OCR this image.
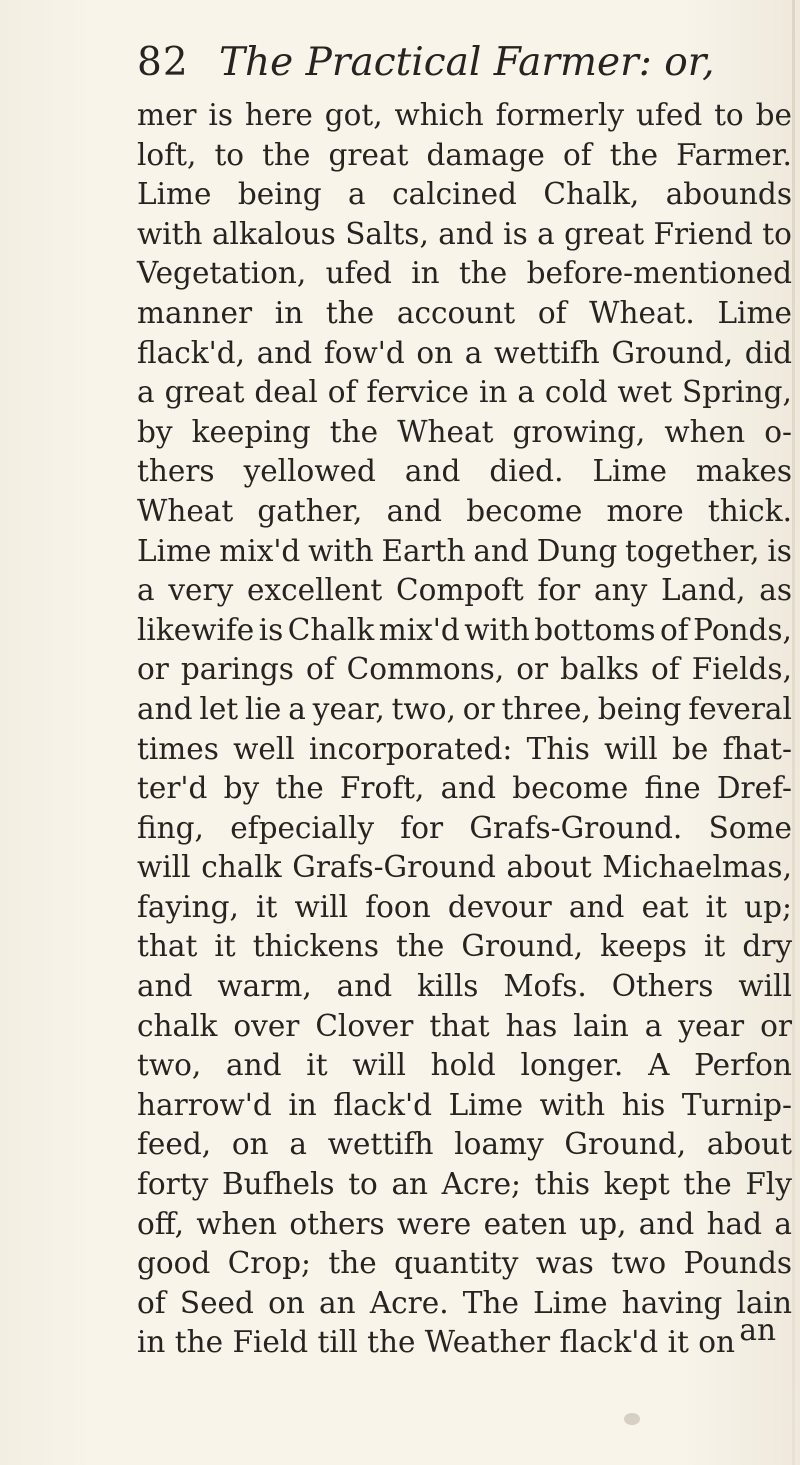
82 The Practical Farmer: or,
mer is here got, which formerly ufed to be
loft, to the great damage of the Farmer.
Lime being a calcined Chalk, abounds
with alkalous Salts, and is a great Friend to
Vegetation, ufed in the before-mentioned
manner in the account of Wheat. Lime
flack'd, and fow'd on a wettifh Ground, did
a great deal of fervice in a cold wet Spring,
by keeping the Wheat growing, when o-
thers yellowed and died. Lime makes
Wheat gather, and become more thick.
Lime mix'd with Earth and Dung together, is
a very excellent Compoft for any Land, as
likewife is Chalk mix'd with bottoms of Ponds,
or parings of Commons, or balks of Fields,
and let lie a year, two, or three, being feveral
times well incorporated: This will be fhat-
ter'd by the Froft, and become fine Dref-
fing, efpecially for Grafs-Ground. Some
will chalk Grafs-Ground about Michaelmas,
faying, it will foon devour and eat it up;
that it thickens the Ground, keeps it dry
and warm, and kills Mofs. Others will
chalk over Clover that has lain a year or
two, and it will hold longer. A Perfon
harrow'd in flack'd Lime with his Turnip-
feed, on a wettifh loamy Ground, about
forty Bufhels to an Acre; this kept the Fly
off, when others were eaten up, and had a
good Crop; the quantity was two Pounds
of Seed on an Acre. The Lime having lain
in the Field till the Weather flack'd it on an
